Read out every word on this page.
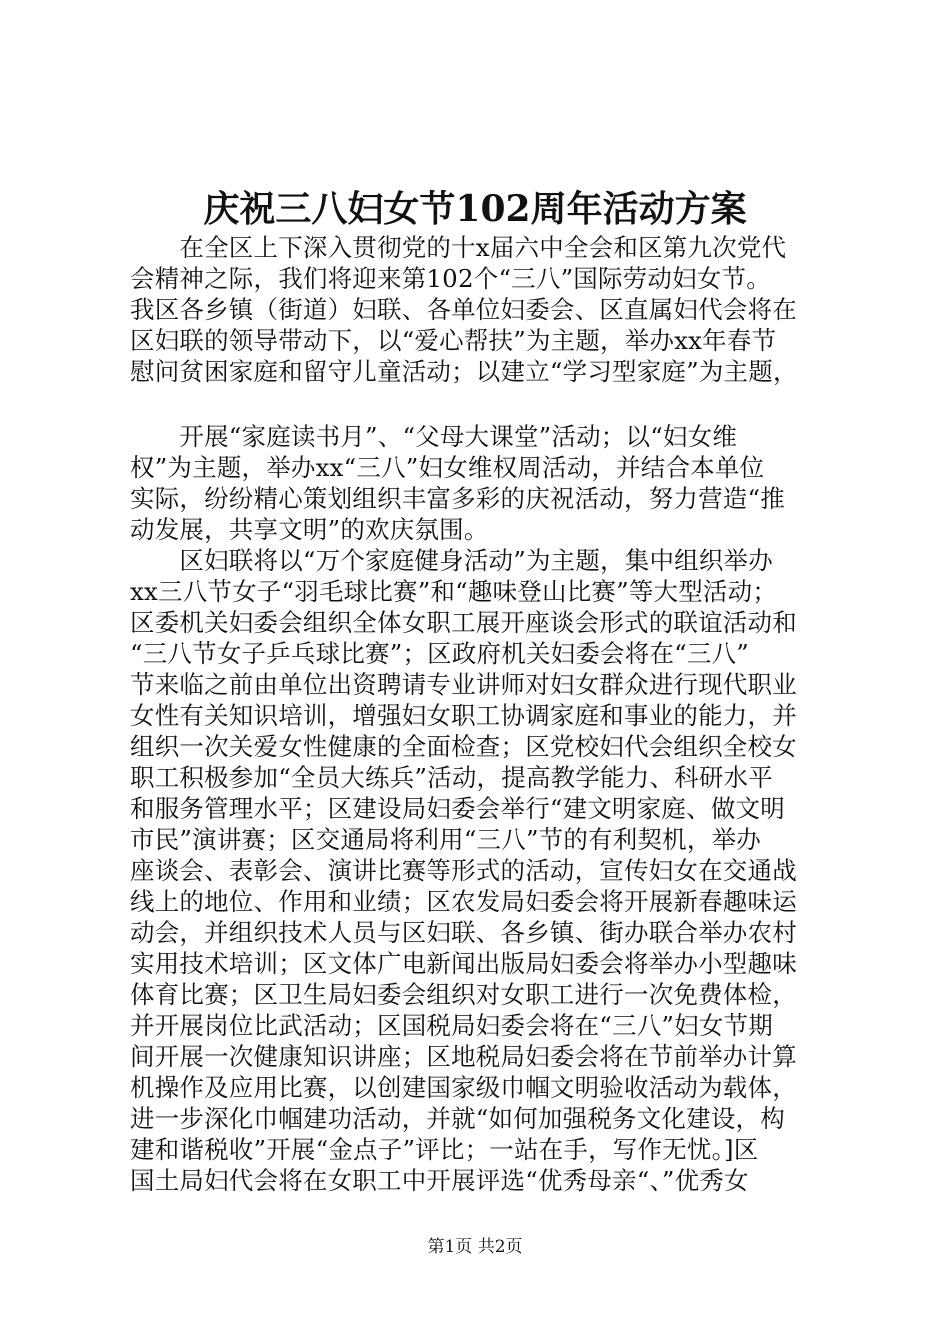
庆祝三八妇女节102周年活动方案
　　在全区上下深入贯彻党的十x届六中全会和区第九次党代
会精神之际，我们将迎来第102个“三八”国际劳动妇女节。
我区各乡镇（街道）妇联、各单位妇委会、区直属妇代会将在
区妇联的领导带动下，以“爱心帮扶”为主题，举办xx年春节
慰问贫困家庭和留守儿童活动；以建立“学习型家庭”为主题，
　　开展“家庭读书月”、“父母大课堂”活动；以“妇女维
权”为主题，举办xx“三八”妇女维权周活动，并结合本单位
实际，纷纷精心策划组织丰富多彩的庆祝活动，努力营造“推
动发展，共享文明”的欢庆氛围。
　　区妇联将以“万个家庭健身活动”为主题，集中组织举办
xx三八节女子“羽毛球比赛”和“趣味登山比赛”等大型活动；
区委机关妇委会组织全体女职工展开座谈会形式的联谊活动和
“三八节女子乒乓球比赛”；区政府机关妇委会将在“三八”
节来临之前由单位出资聘请专业讲师对妇女群众进行现代职业
女性有关知识培训，增强妇女职工协调家庭和事业的能力，并
组织一次关爱女性健康的全面检查；区党校妇代会组织全校女
职工积极参加“全员大练兵”活动，提高教学能力、科研水平
和服务管理水平；区建设局妇委会举行“建文明家庭、做文明
市民”演讲赛；区交通局将利用“三八”节的有利契机，举办
座谈会、表彰会、演讲比赛等形式的活动，宣传妇女在交通战
线上的地位、作用和业绩；区农发局妇委会将开展新春趣味运
动会，并组织技术人员与区妇联、各乡镇、街办联合举办农村
实用技术培训；区文体广电新闻出版局妇委会将举办小型趣味
体育比赛；区卫生局妇委会组织对女职工进行一次免费体检，
并开展岗位比武活动；区国税局妇委会将在“三八”妇女节期
间开展一次健康知识讲座；区地税局妇委会将在节前举办计算
机操作及应用比赛，以创建国家级巾帼文明验收活动为载体，
进一步深化巾帼建功活动，并就“如何加强税务文化建设，构
建和谐税收”开展“金点子”评比；一站在手，写作无忧。]区
国土局妇代会将在女职工中开展评选“优秀母亲“、”优秀女
第1页 共2页
